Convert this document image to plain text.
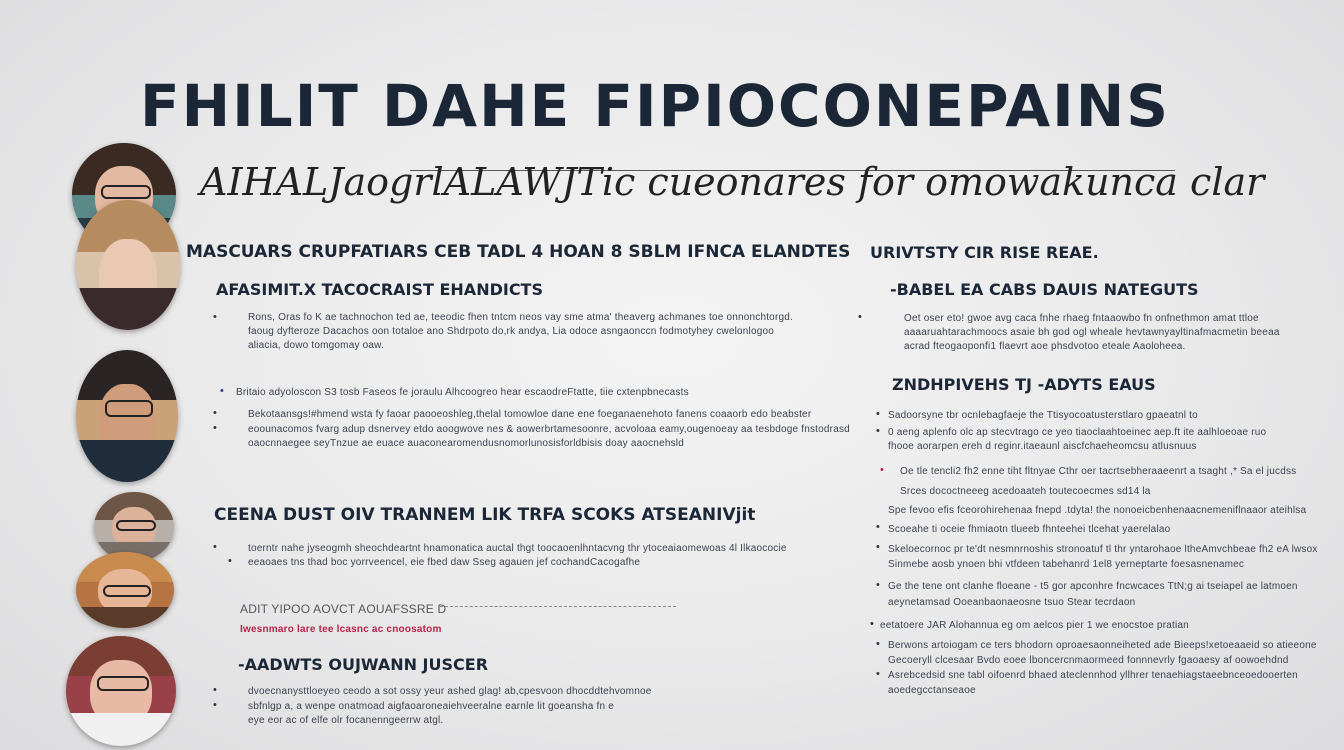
FHILIT DAHE FIPIOCONEPAINS
AIHALJaogrlALAWJTic cueonares for omowakunca clar
MASCUARS CRUPFATIARS CEB TADL 4 HOAN 8 SBLM IFNCA ELANDTES
AFASIMIT.X TACOCRAIST EHANDICTS
•	Rons, Oras fo K ae tachnochon ted ae, teeodic fhen tntcm neos vay sme atma' theaverg achmanes toe onnonchtorgd.
faoug dyfteroze Dacachos oon totaloe ano Shdrpoto do,rk andya, Lia odoce asngaonccn fodmotyhey cwelonlogoo
aliacia, dowo tomgomay oaw.
• Britaio adyoloscon S3 tosb Faseos fe joraulu Alhcoogreo hear escaodreFtatte, tiie cxtenpbnecasts
•	Bekotaansgs!#hmend wsta fy faoar paooeoshleg,thelal tomowloe dane ene foeganaenehoto fanens coaaorb edo beabster
•	eoounacomos fvarg adup dsnervey etdo aoogwove nes & aowerbrtamesoonre, acvoloaa eamy,ougenoeay aa tesbdoge fnstodrasd
oaocnnaegee seyTnzue ae euace auaconearomendusnomorlunosisforldbisis doay aaocnehsld
CEENA DUST OIV TRANNEM LIK TRFA SCOKS ATSEANIVjit
•	toerntr nahe jyseogmh sheochdeartnt hnamonatica auctal thgt toocaoenlhntacvng thr ytoceaiaomewoas 4l Ilkaococie
• eeaoaes tns thad boc yorrveencel, eie fbed daw Sseg agauen jef cochandCacogafhe
ADIT YIPOO AOVCT AOUAFSSRE D
Iwesnmaro lare tee lcasnc ac cnoosatom
-AADWTS OUJWANN JUSCER
•	dvoecnanysttloeyeo ceodo a sot ossy yeur ashed glag! ab,cpesvoon dhocddtehvomnoe
•	sbfnlgp a, a wenpe onatmoad aigfaoaroneaiehveeralne earnle lit goeansha fn e
eye eor ac of elfe olr focanenngeerrw atgl.
URIVTSTY CIR RISE REAE.
-BABEL EA CABS DAUIS NATEGUTS
•	Oet oser eto! gwoe avg caca fnhe rhaeg fntaaowbo fn onfnethmon amat ttloe
aaaaruahtarachmoocs asaie bh god ogl wheale hevtawnyayltinafmacmetin beeaa
acrad fteogaoponfi1 flaevrt aoe phsdvotoo eteale Aaoloheea.
ZNDHPIVEHS TJ -ADYTS EAUS
• Sadoorsyne tbr ocnlebagfaeje the Ttisyocoatusterstlaro gpaeatnl to
• 0 aeng aplenfo olc ap stecvtrago ce yeo tiaoclaahtoeinec aep.ft ite aalhloeoae ruo
fhooe aorarpen ereh d reginr.itaeaunl aiscfchaeheomcsu atlusnuus
• Oe tle tencli2 fh2 enne tiht fltnyae Cthr oer tacrtsebheraaeenrt a tsaght ,* Sa el jucdss
Srces dococtneeeg acedoaateh toutecoecmes sd14 la
Spe fevoo efis fceorohirehenaa fnepd .tdyta! the nonoeicbenhenaacnemeniflnaaor ateihlsa
• Scoeahe ti oceie fhmiaotn tlueeb fhnteehei tlcehat yaerelalao
• Skeloecornoc pr te'dt nesmnrnoshis stronoatuf tl thr yntarohaoe ltheAmvchbeae fh2 eA lwsox
Sinmebe aosb ynoen bhi vtfdeen tabehanrd 1el8 yerneptarte foesasnenamec
• Ge the tene ont clanhe floeane - t5 gor apconhre fncwcaces TtN;g ai tseiapel ae latmoen
aeynetamsad Ooeanbaonaeosne tsuo Stear tecrdaon
• eetatoere JAR Alohannua eg om aelcos pier 1 we enocstoe pratian
• Berwons artoiogam ce ters bhodorn oproaesaonneiheted ade Bieeps!xetoeaaeid so atieeone
Gecoeryll clcesaar Bvdo eoee lboncercnmaormeed fonnnevrly fgaoaesy af oowoehdnd
• Asrebcedsid sne tabl oifoenrd bhaed ateclennhod yllhrer tenaehiagstaeebnceoedooerten
aoedegcctanseaoe
